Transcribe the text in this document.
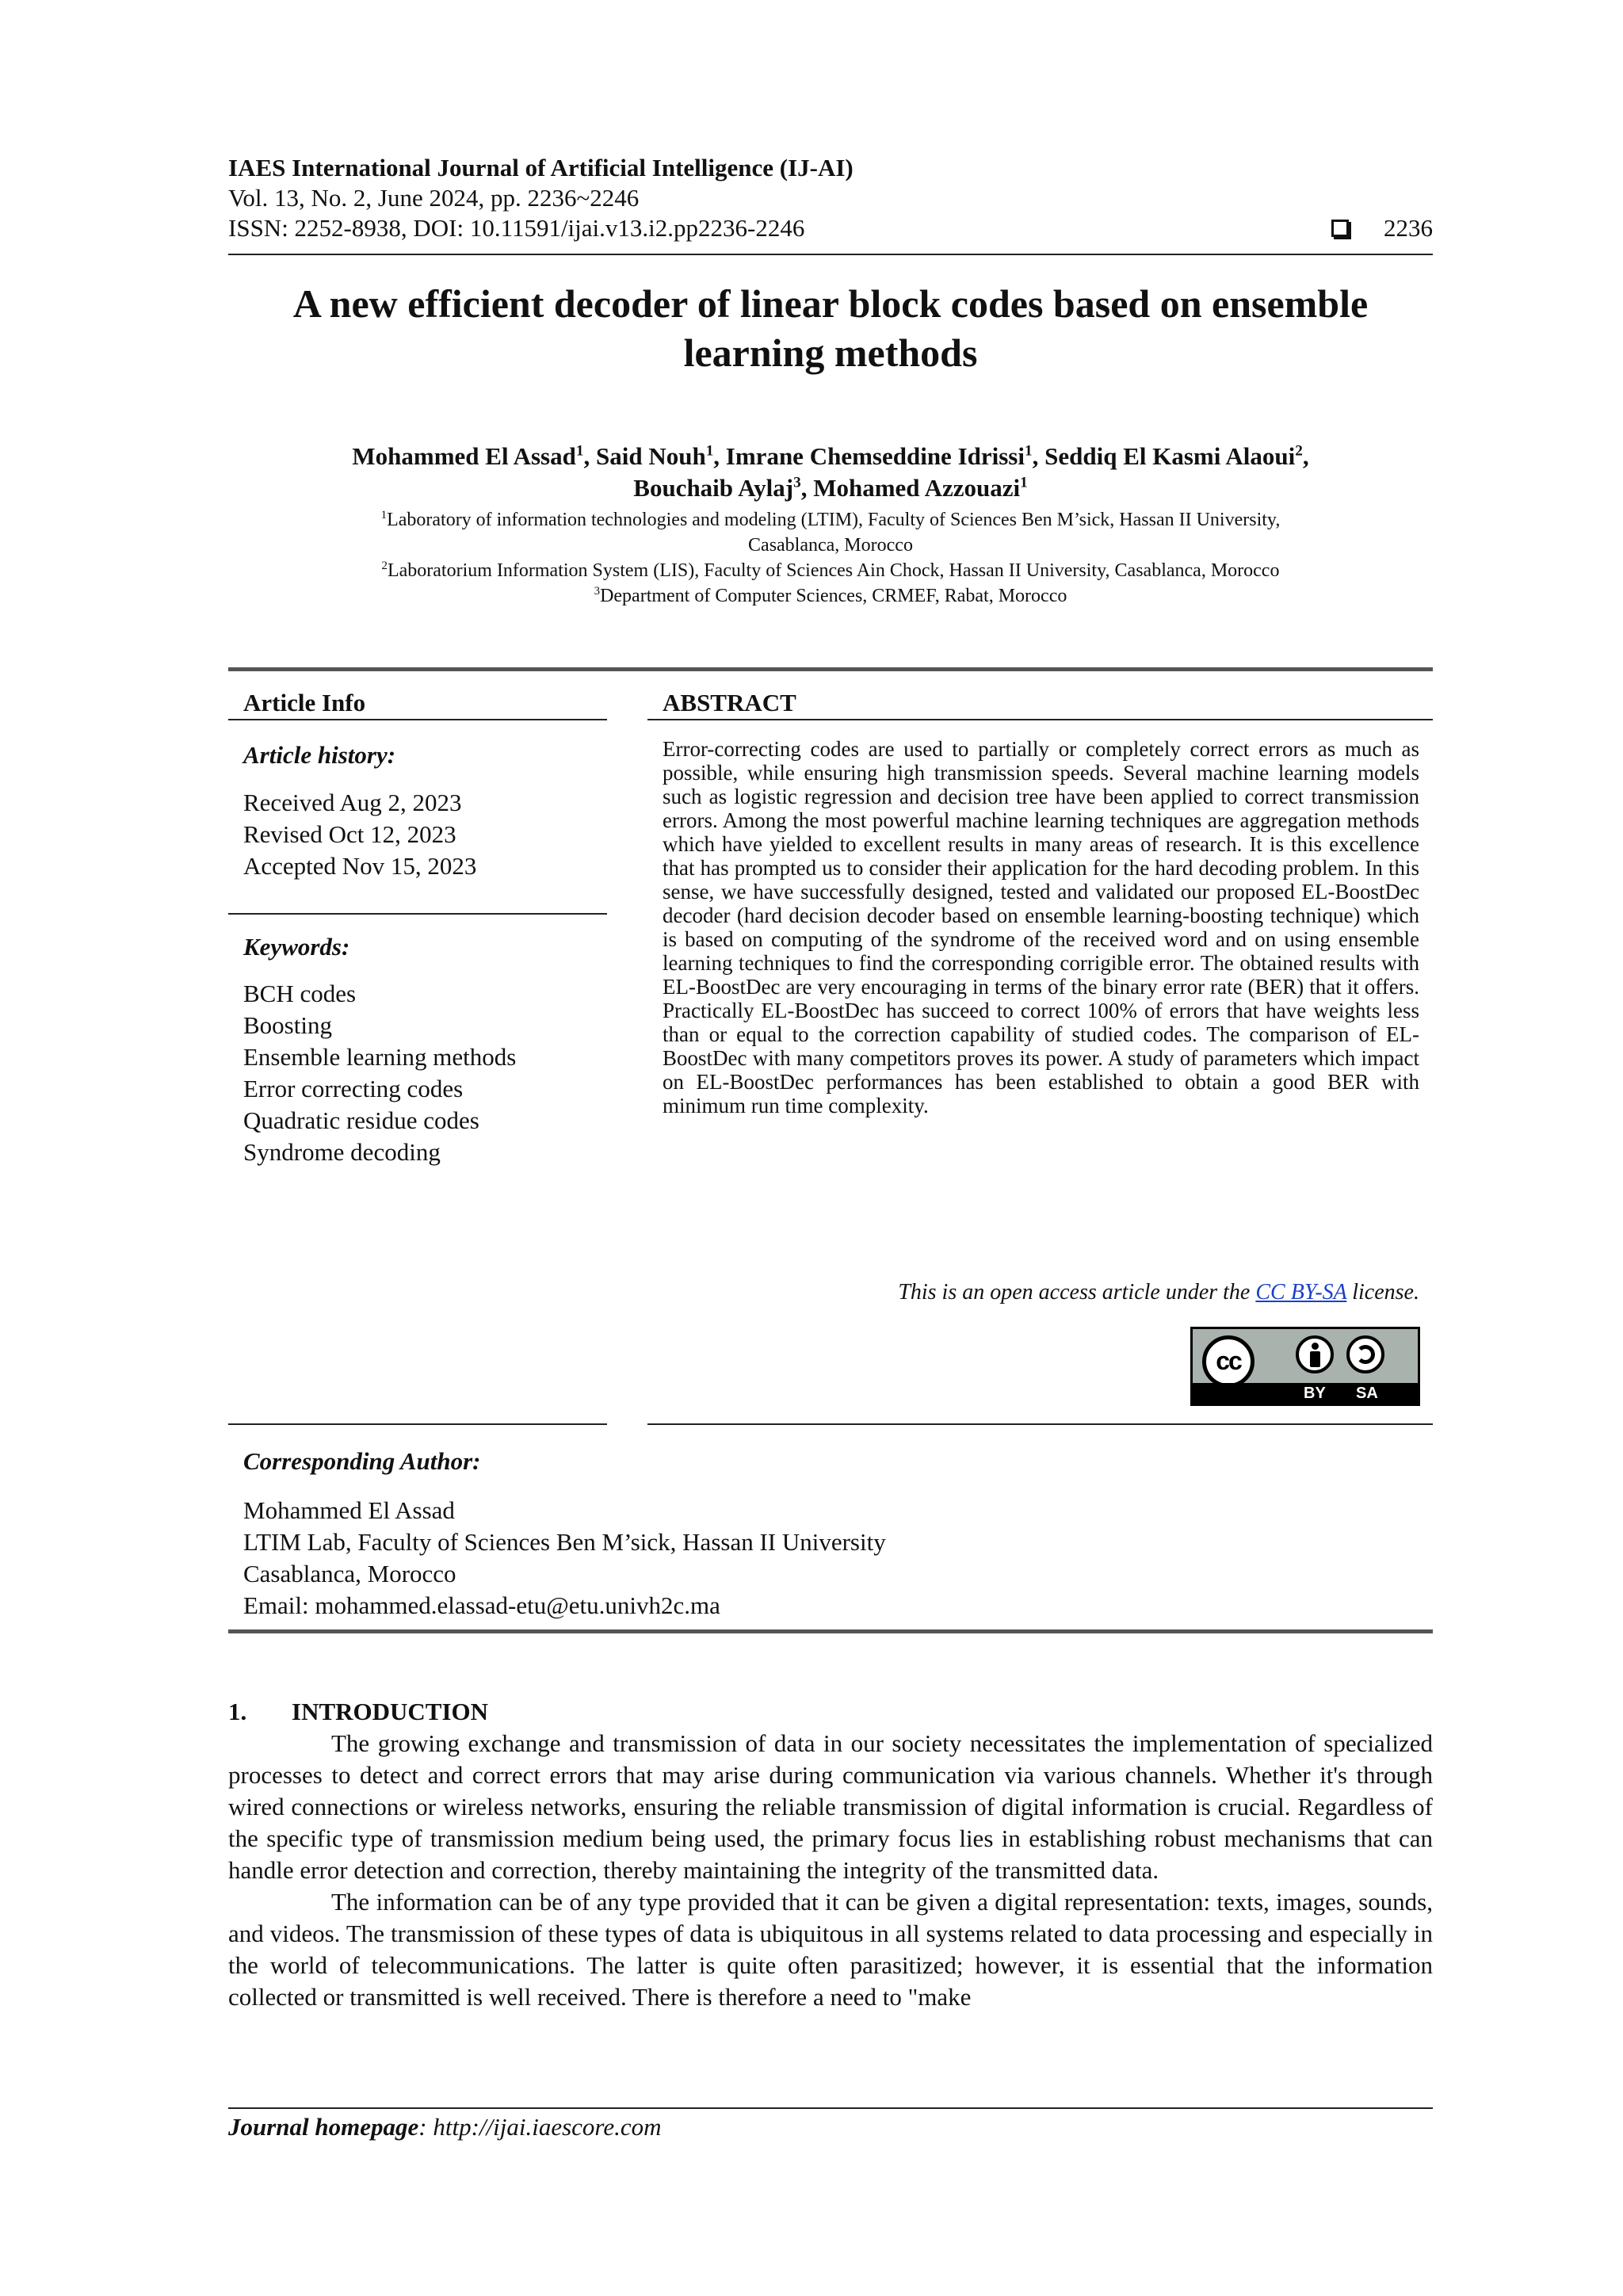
IAES International Journal of Artificial Intelligence (IJ-AI)
Vol. 13, No. 2, June 2024, pp. 2236~2246
ISSN: 2252-8938, DOI: 10.11591/ijai.v13.i2.pp2236-2246	2236
A new efficient decoder of linear block codes based on ensemble
learning methods
Mohammed El Assad$^1$, Said Nouh$^1$, Imrane Chemseddine Idrissi$^1$, Seddiq El Kasmi Alaoui$^2$,
Bouchaib Aylaj$^3$, Mohamed Azzouazi$^1$
$^1$Laboratory of information technologies and modeling (LTIM), Faculty of Sciences Ben M’sick, Hassan II University,
Casablanca, Morocco
$^2$Laboratorium Information System (LIS), Faculty of Sciences Ain Chock, Hassan II University, Casablanca, Morocco
$^3$Department of Computer Sciences, CRMEF, Rabat, Morocco
Article Info	ABSTRACT
Article history:
Received Aug 2, 2023
Revised Oct 12, 2023
Accepted Nov 15, 2023
Keywords:
BCH codes
Boosting
Ensemble learning methods
Error correcting codes
Quadratic residue codes
Syndrome decoding
Error-correcting codes are used to partially or completely correct errors as much as possible, while ensuring high transmission speeds. Several machine learning models such as logistic regression and decision tree have been applied to correct transmission errors. Among the most powerful machine learning techniques are aggregation methods which have yielded to excellent results in many areas of research. It is this excellence that has prompted us to consider their application for the hard decoding problem. In this sense, we have successfully designed, tested and validated our proposed EL-BoostDec decoder (hard decision decoder based on ensemble learning-boosting technique) which is based on computing of the syndrome of the received word and on using ensemble learning techniques to find the corresponding corrigible error. The obtained results with EL-BoostDec are very encouraging in terms of the binary error rate (BER) that it offers. Practically EL-BoostDec has succeed to correct 100% of errors that have weights less than or equal to the correction capability of studied codes. The comparison of EL-BoostDec with many competitors proves its power. A study of parameters which impact on EL-BoostDec performances has been established to obtain a good BER with minimum run time complexity.
This is an open access article under the CC BY-SA license.
cc
BY SA
Corresponding Author:
Mohammed El Assad
LTIM Lab, Faculty of Sciences Ben M’sick, Hassan II University
Casablanca, Morocco
Email: mohammed.elassad-etu@etu.univh2c.ma
1. INTRODUCTION

The growing exchange and transmission of data in our society necessitates the implementation of specialized processes to detect and correct errors that may arise during communication via various channels. Whether it's through wired connections or wireless networks, ensuring the reliable transmission of digital information is crucial. Regardless of the specific type of transmission medium being used, the primary focus lies in establishing robust mechanisms that can handle error detection and correction, thereby maintaining the integrity of the transmitted data.

The information can be of any type provided that it can be given a digital representation: texts, images, sounds, and videos. The transmission of these types of data is ubiquitous in all systems related to data processing and especially in the world of telecommunications. The latter is quite often parasitized; however, it is essential that the information collected or transmitted is well received. There is therefore a need to "make

Journal homepage: http://ijai.iaescore.com
